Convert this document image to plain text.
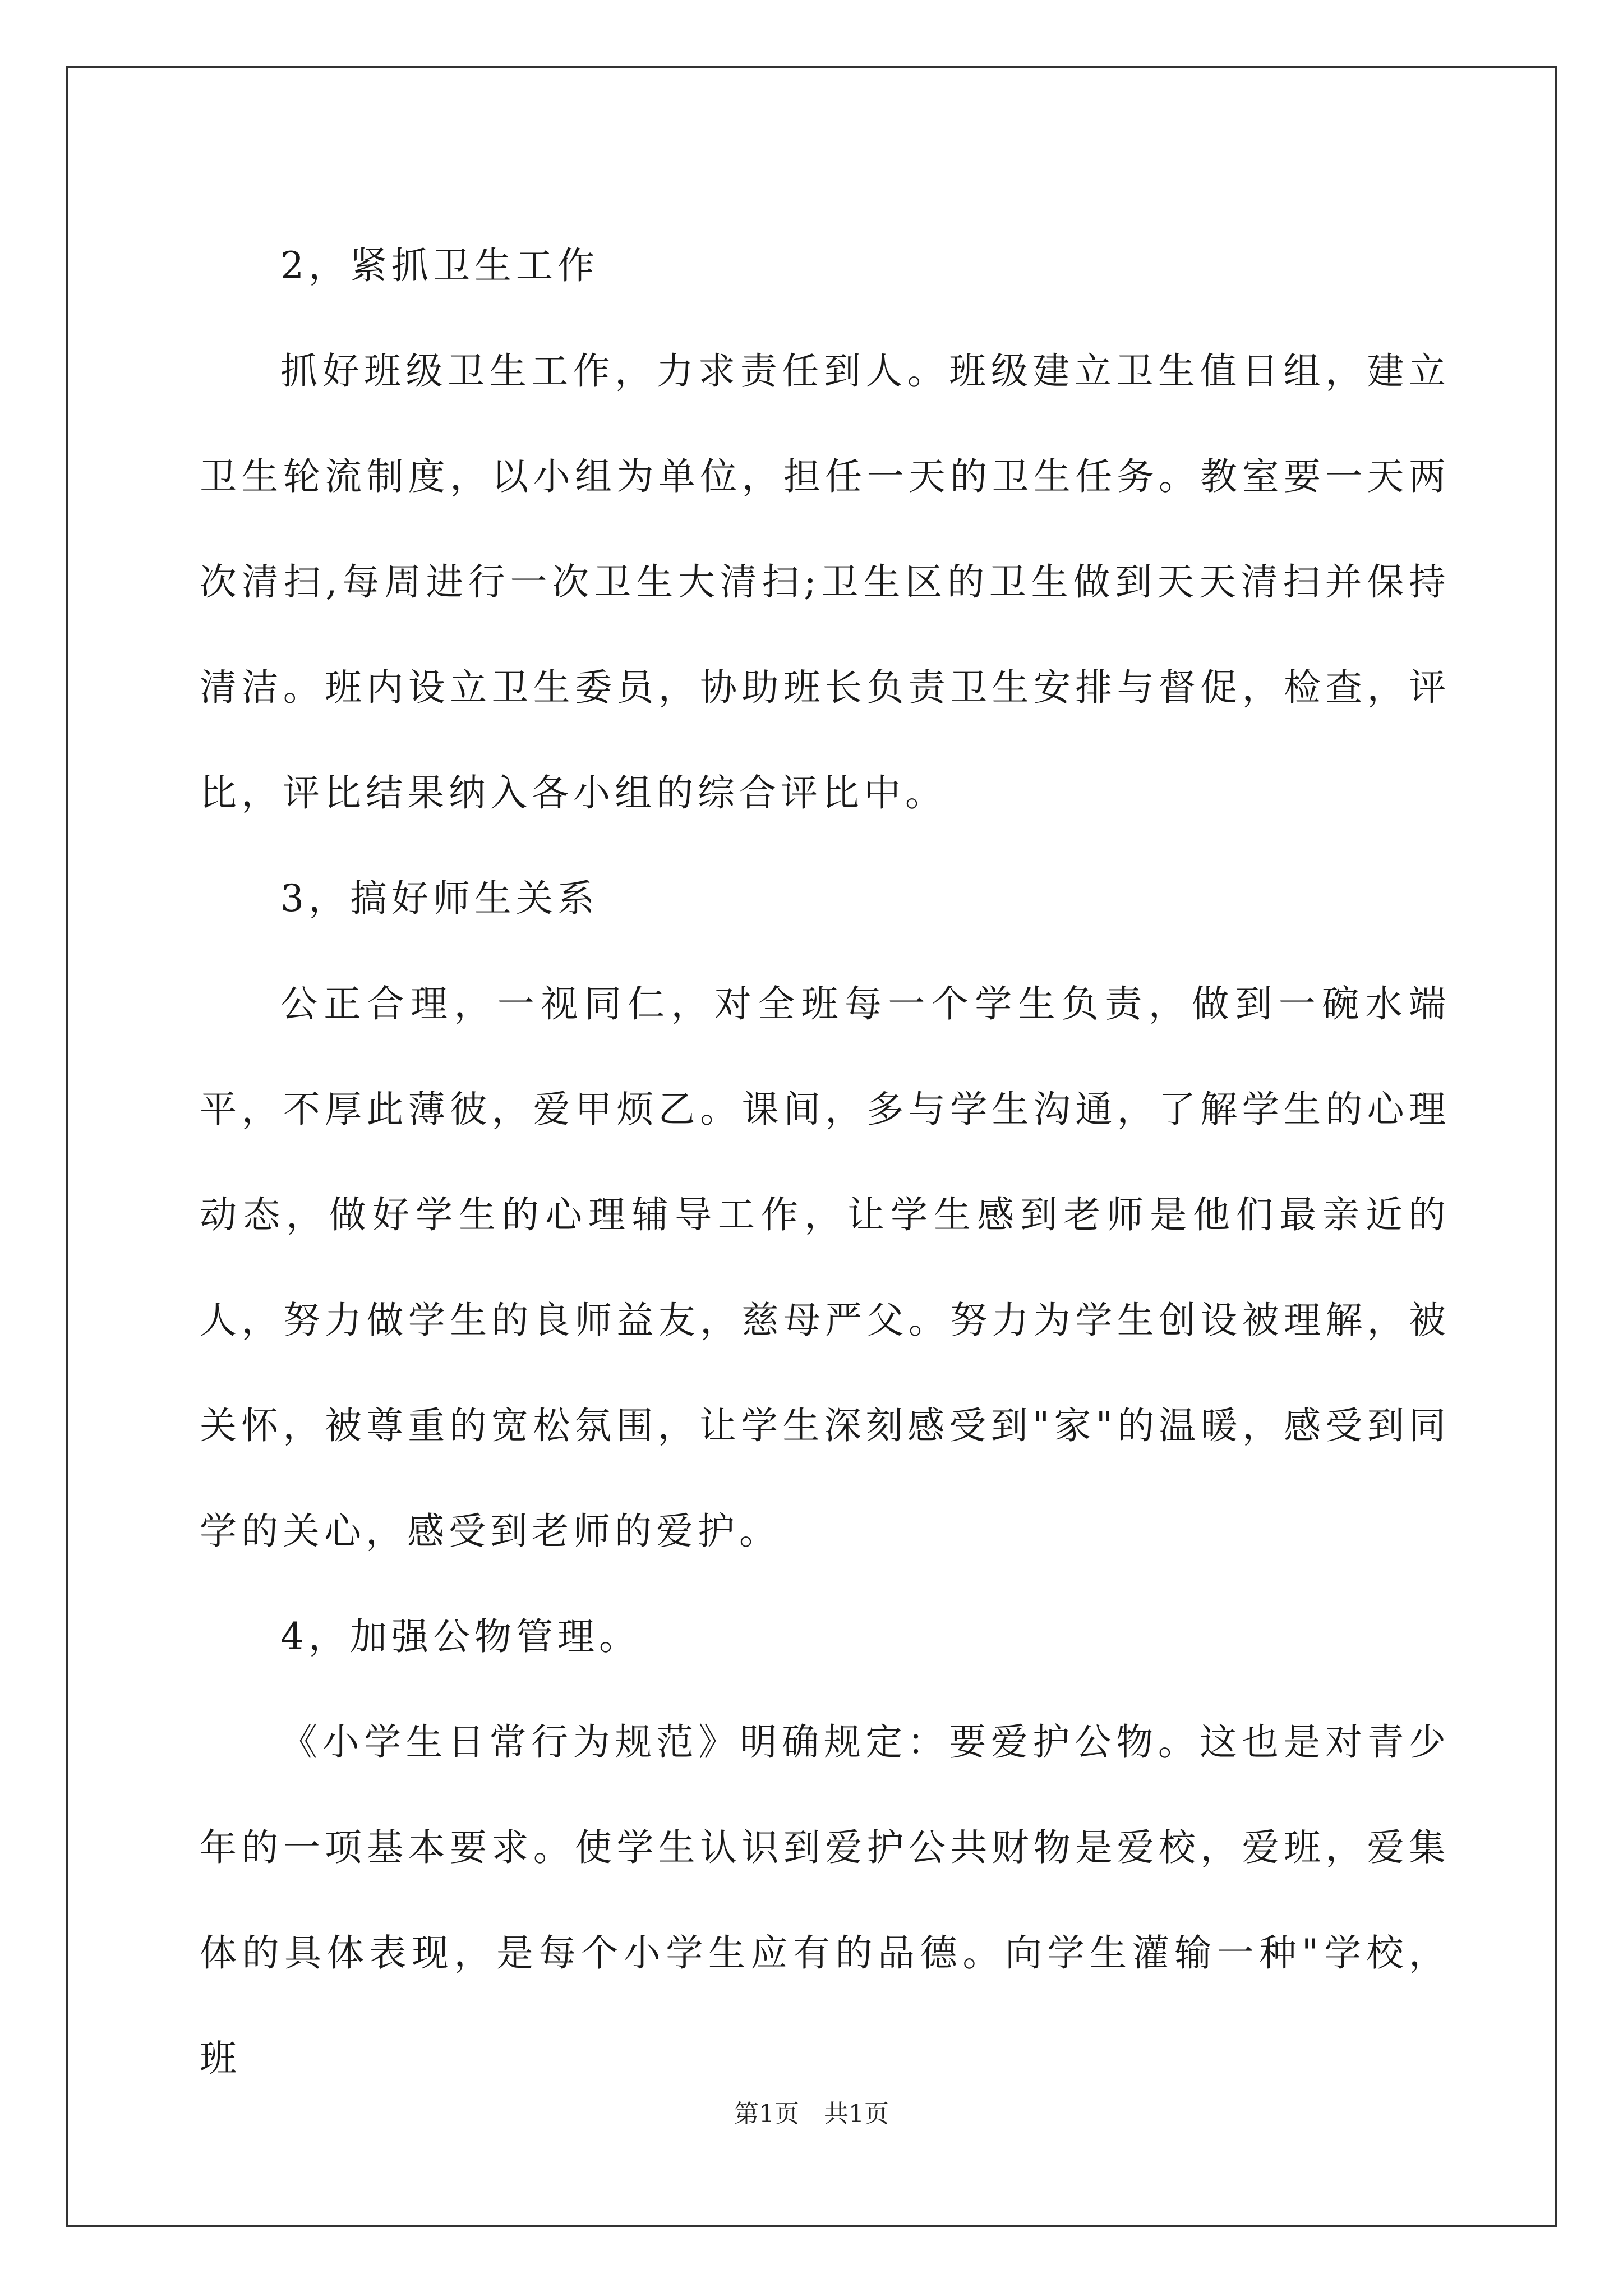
2，紧抓卫生工作

抓好班级卫生工作，力求责任到人。班级建立卫生值日组，建立卫生轮流制度，以小组为单位，担任一天的卫生任务。教室要一天两次清扫,每周进行一次卫生大清扫;卫生区的卫生做到天天清扫并保持清洁。班内设立卫生委员，协助班长负责卫生安排与督促，检查，评比，评比结果纳入各小组的综合评比中。

3，搞好师生关系

公正合理，一视同仁，对全班每一个学生负责，做到一碗水端平，不厚此薄彼，爱甲烦乙。课间，多与学生沟通，了解学生的心理动态，做好学生的心理辅导工作，让学生感到老师是他们最亲近的人，努力做学生的良师益友，慈母严父。努力为学生创设被理解，被关怀，被尊重的宽松氛围，让学生深刻感受到"家"的温暖，感受到同学的关心，感受到老师的爱护。

4，加强公物管理。

《小学生日常行为规范》明确规定：要爱护公物。这也是对青少年的一项基本要求。使学生认识到爱护公共财物是爱校，爱班，爱集体的具体表现，是每个小学生应有的品德。向学生灌输一种"学校，班

第1页　共1页
